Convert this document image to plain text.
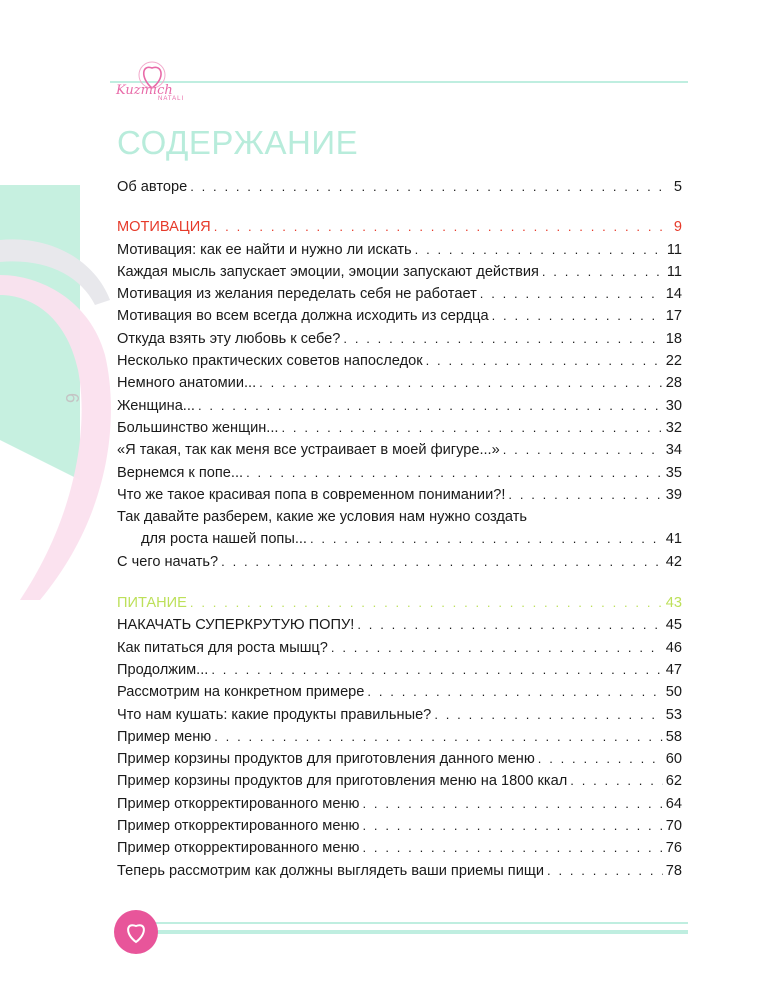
Kuzmich
NATALI
6
СОДЕРЖАНИЕ
Об авторе . . .	5
МОТИВАЦИЯ . . .	9
Мотивация: как ее найти и нужно ли искать . . .	11
Каждая мысль запускает эмоции, эмоции запускают действия . . .	11
Мотивация из желания переделать себя не работает . . .	14
Мотивация во всем всегда должна исходить из сердца . . .	17
Откуда взять эту любовь к себе? . . .	18
Несколько практических советов напоследок . . .	22
Немного анатомии... . . .	28
Женщина... . . .	30
Большинство женщин... . . .	32
«Я такая, так как меня все устраивает в моей фигуре...» . . .	34
Вернемся к попе... . . .	35
Что же такое красивая попа в современном понимании?! . . .	39
Так давайте разберем, какие же условия нам нужно создать
для роста нашей попы... . . .	41
С чего начать? . . .	42
ПИТАНИЕ . . .	43
НАКАЧАТЬ СУПЕРКРУТУЮ ПОПУ! . . .	45
Как питаться для роста мышц? . . .	46
Продолжим... . . .	47
Рассмотрим на конкретном примере . . .	50
Что нам кушать: какие продукты правильные? . . .	53
Пример меню . . .	58
Пример корзины продуктов для приготовления данного меню . . .	60
Пример корзины продуктов для приготовления меню на 1800 ккал . . .	62
Пример откорректированного меню . . .	64
Пример откорректированного меню . . .	70
Пример откорректированного меню . . .	76
Теперь рассмотрим как должны выглядеть ваши приемы пищи . . .	78
